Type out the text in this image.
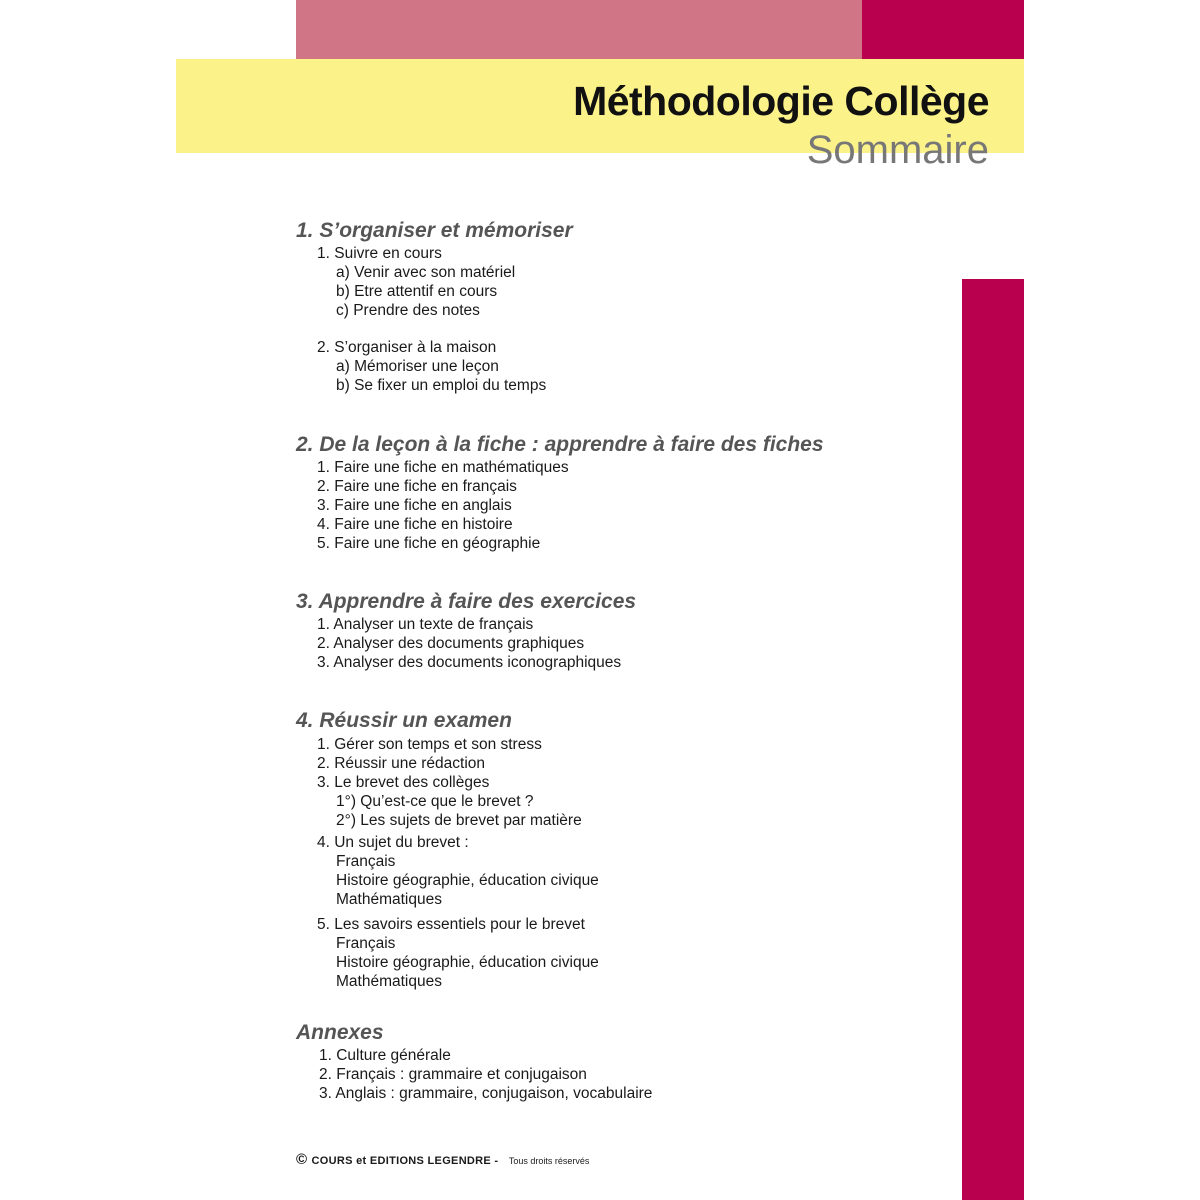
Méthodologie Collège
Sommaire
1. S’organiser et mémoriser
1. Suivre en cours
a) Venir avec son matériel
b) Etre attentif en cours
c) Prendre des notes
2. S’organiser à la maison
a) Mémoriser une leçon
b) Se fixer un emploi du temps
2. De la leçon à la fiche : apprendre à faire des fiches
1. Faire une fiche en mathématiques
2. Faire une fiche en français
3. Faire une fiche en anglais
4. Faire une fiche en histoire
5. Faire une fiche en géographie
3. Apprendre à faire des exercices
1. Analyser un texte de français
2. Analyser des documents graphiques
3. Analyser des documents iconographiques
4. Réussir un examen
1. Gérer son temps et son stress
2. Réussir une rédaction
3. Le brevet des collèges
1°) Qu’est-ce que le brevet ?
2°) Les sujets de brevet par matière
4. Un sujet du brevet :
Français
Histoire géographie, éducation civique
Mathématiques
5. Les savoirs essentiels pour le brevet
Français
Histoire géographie, éducation civique
Mathématiques
Annexes
1. Culture générale
2. Français : grammaire et conjugaison
3. Anglais : grammaire, conjugaison, vocabulaire
© COURS et EDITIONS LEGENDRE - Tous droits réservés
